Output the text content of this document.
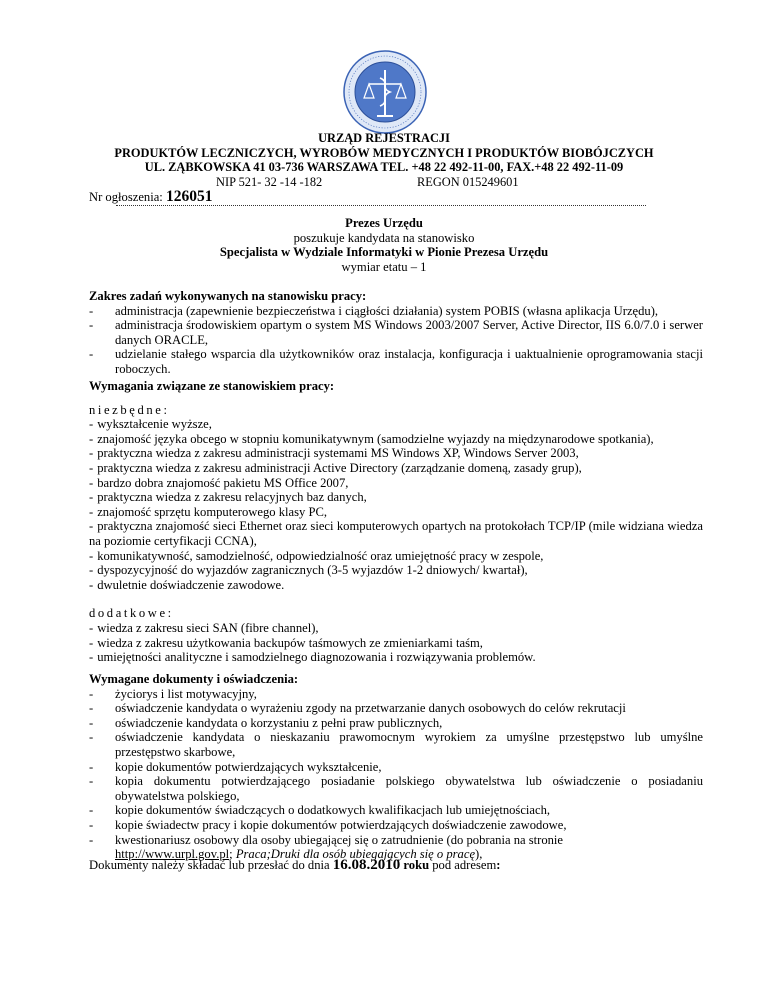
URZĄD REJESTRACJI
PRODUKTÓW LECZNICZYCH, WYROBÓW MEDYCZNYCH I PRODUKTÓW BIOBÓJCZYCH
UL. ZĄBKOWSKA 41 03-736 WARSZAWA TEL. +48 22 492-11-00, FAX.+48 22 492-11-09
NIP 521- 32 -14 -182	REGON 015249601
Nr ogłoszenia: 126051
Prezes Urzędu
poszukuje kandydata na stanowisko
Specjalista w Wydziale Informatyki w Pionie Prezesa Urzędu
wymiar etatu – 1
Zakres zadań wykonywanych na stanowisku pracy:
- administracja (zapewnienie bezpieczeństwa i ciągłości działania) system POBIS (własna aplikacja Urzędu),
- administracja środowiskiem opartym o system MS Windows 2003/2007 Server, Active Director, IIS 6.0/7.0 i serwer danych ORACLE,
- udzielanie stałego wsparcia dla użytkowników oraz instalacja, konfiguracja i uaktualnienie oprogramowania stacji roboczych.
Wymagania związane ze stanowiskiem pracy:
niezbędne:
- wykształcenie wyższe,
- znajomość języka obcego w stopniu komunikatywnym (samodzielne wyjazdy na międzynarodowe spotkania),
- praktyczna wiedza z zakresu administracji systemami MS Windows XP, Windows Server 2003,
- praktyczna wiedza z zakresu administracji Active Directory (zarządzanie domeną, zasady grup),
- bardzo dobra znajomość pakietu MS Office 2007,
- praktyczna wiedza z zakresu relacyjnych baz danych,
- znajomość sprzętu komputerowego klasy PC,
- praktyczna znajomość sieci Ethernet oraz sieci komputerowych opartych na protokołach TCP/IP (mile widziana wiedza na poziomie certyfikacji CCNA),
- komunikatywność, samodzielność, odpowiedzialność oraz umiejętność pracy w zespole,
- dyspozycyjność do wyjazdów zagranicznych (3-5 wyjazdów 1-2 dniowych/ kwartał),
- dwuletnie doświadczenie zawodowe.
dodatkowe:
- wiedza z zakresu sieci SAN (fibre channel),
- wiedza z zakresu użytkowania backupów taśmowych ze zmieniarkami taśm,
- umiejętności analityczne i samodzielnego diagnozowania i rozwiązywania problemów.
Wymagane dokumenty i oświadczenia:
- życiorys i list motywacyjny,
- oświadczenie kandydata o wyrażeniu zgody na przetwarzanie danych osobowych do celów rekrutacji
- oświadczenie kandydata o korzystaniu z pełni praw publicznych,
- oświadczenie kandydata o nieskazaniu prawomocnym wyrokiem za umyślne przestępstwo lub umyślne przestępstwo skarbowe,
- kopie dokumentów potwierdzających wykształcenie,
- kopia dokumentu potwierdzającego posiadanie polskiego obywatelstwa lub oświadczenie o posiadaniu obywatelstwa polskiego,
- kopie dokumentów świadczących o dodatkowych kwalifikacjach lub umiejętnościach,
- kopie świadectw pracy i kopie dokumentów potwierdzających doświadczenie zawodowe,
- kwestionariusz osobowy dla osoby ubiegającej się o zatrudnienie (do pobrania na stronie
http://www.urpl.gov.pl; Praca;Druki dla osób ubiegających się o pracę),
Dokumenty należy składać lub przesłać do dnia 16.08.2010 roku pod adresem:
